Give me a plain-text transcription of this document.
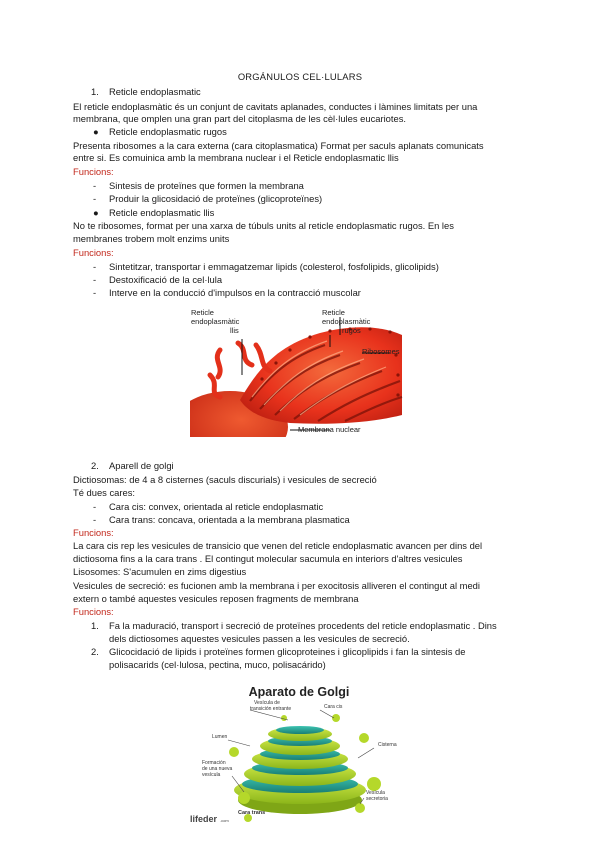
ORGÁNULOS CEL·LULARS
1. Reticle endoplasmatic
El reticle endoplasmàtic és un conjunt de cavitats aplanades, conductes i làmines limitats per una
membrana, que omplen una gran part del citoplasma de les cèl·lules eucariotes.
● Reticle endoplasmatic rugos
Presenta ribosomes a la cara externa (cara citoplasmatica) Format per saculs aplanats comunicats
entre si. Es comuinica amb la membrana nuclear i el Reticle endoplasmatic llis
Funcions:
- Sintesis de proteïnes que formen la membrana
- Produir la glicosidació de proteïnes (glicoproteïnes)
● Reticle endoplasmatic llis
No te ribosomes, format per una xarxa de túbuls units al reticle endoplasmatic rugos. En les
membranes trobem molt enzims units
Funcions:
- Sintetitzar, transportar i emmagatzemar lipids (colesterol, fosfolipids, glicolipids)
- Destoxificació de la cel·lula
- Interve en la conducció d'impulsos en la contracció muscolar
Reticle
endoplasmàtic
llis
Reticle
endoplasmàtic
rugós
Ribosomes
Membrana nuclear
2. Aparell de golgi
Dictiosomas: de 4 a 8 cisternes (saculs discurials) i vesicules de secreció
Té dues cares:
- Cara cis: convex, orientada al reticle endoplasmatic
- Cara trans: concava, orientada a la membrana plasmatica
Funcions:
La cara cis rep les vesicules de transicio que venen del reticle endoplasmatic avancen per dins del
dictiosoma fins a la cara trans . El contingut molecular sacumula en interiors d'altres vesicules
Lisosomes: S'acumulen en zims digestius
Vesicules de secreció: es fucionen amb la membrana i per exocitosis alliveren el contingut al medi
extern o també aquestes vesicules reposen fragments de membrana
Funcions:
1. Fa la maduració, transport i secreció de proteïnes procedents del reticle endoplasmatic . Dins
dels dictiosomes aquestes vesicules passen a les vesicules de secreció.
2. Glicocidació de lipids i proteïnes formen glicoproteines i glicoplipids i fan la sintesis de
polisacarids (cel·lulosa, pectina, muco, polisacárido)
Aparato de Golgi
Vesícula de
transición entrante	Cara cis
Lumen
Cisterna
Formación
de una nueva
vesícula
Vesícula
secretoria
Cara trans
lifeder .com
